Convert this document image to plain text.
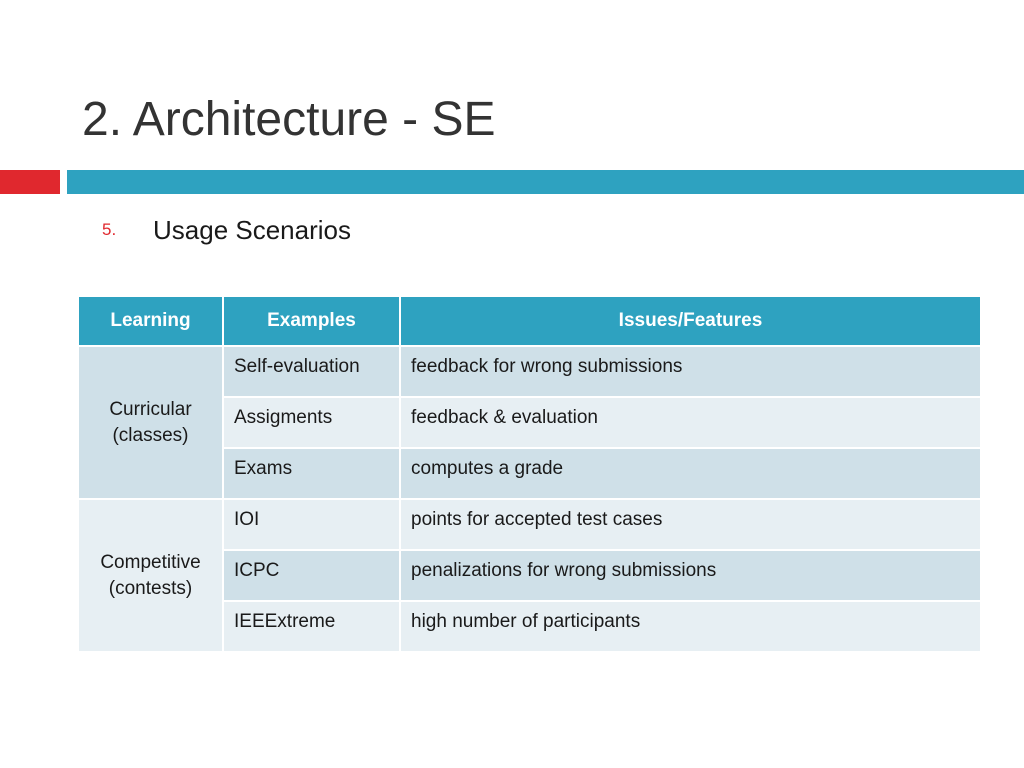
2. Architecture - SE
5. Usage Scenarios
Learning	Examples	Issues/Features

Curricular
(classes)	Self-evaluation	feedback for wrong submissions
	Assigments	feedback & evaluation
	Exams	computes a grade

Competitive
(contests)	IOI	points for accepted test cases
	ICPC	penalizations for wrong submissions
	IEEExtreme	high number of participants
